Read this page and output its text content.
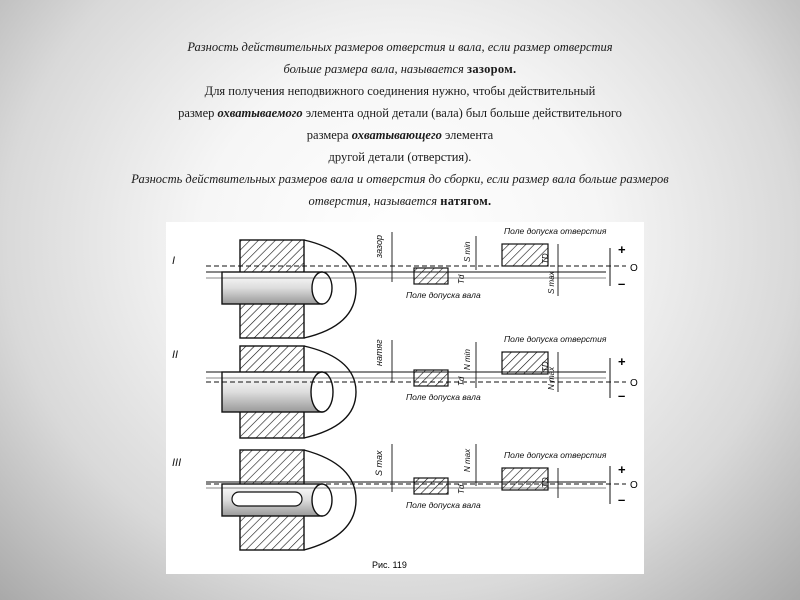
Разность действительных размеров отверстия и вала, если размер отверстия

больше размера вала, называется зазором.

Для получения неподвижного соединения нужно, чтобы действительный

размер охватываемого элемента одной детали (вала) был больше действительного

размера охватывающего элемента

другой детали (отверстия).

Разность действительных размеров вала и отверстия до сборки, если размер вала больше размеров

отверстия, называется натягом.

I
зазор	S min
S max
TD
Td
Поле допуска отверстия
Поле допуска вала
+
O
–
II	натяг	N min
N max
TD
Td
Поле допуска отверстия
Поле допуска вала
+
O
–
III	S max	N max
TD
Td
Поле допуска отверстия
Поле допуска вала
+
O
–
Рис. 119
